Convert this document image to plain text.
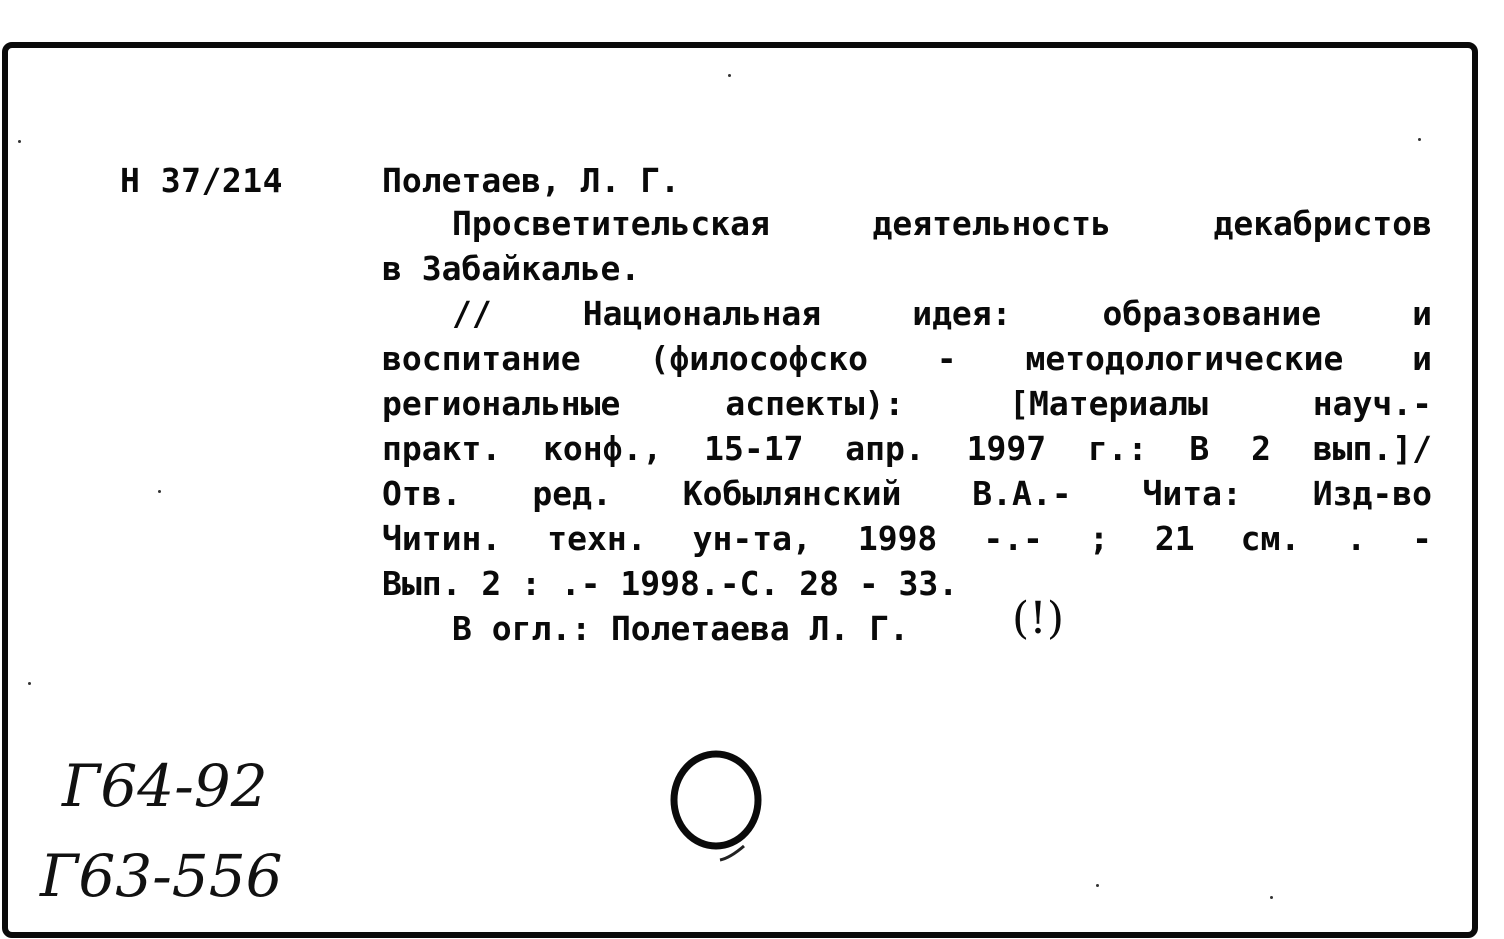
Н 37/214	Полетаев, Л. Г.
Просветительская деятельность декабристов
в Забайкалье.
// Национальная идея: образование и
воспитание (философско - методологические и
региональные аспекты): [Материалы науч.-
практ. конф., 15-17 апр. 1997 г.: В 2 вып.]/
Отв. ред. Кобылянский В.А.- Чита: Изд-во
Читин. техн. ун-та, 1998 -.- ; 21 см. . -
Вып. 2 : .- 1998.-С. 28 - 33.
В огл.: Полетаева Л. Г. (!)
Г64-92
Г63-556
